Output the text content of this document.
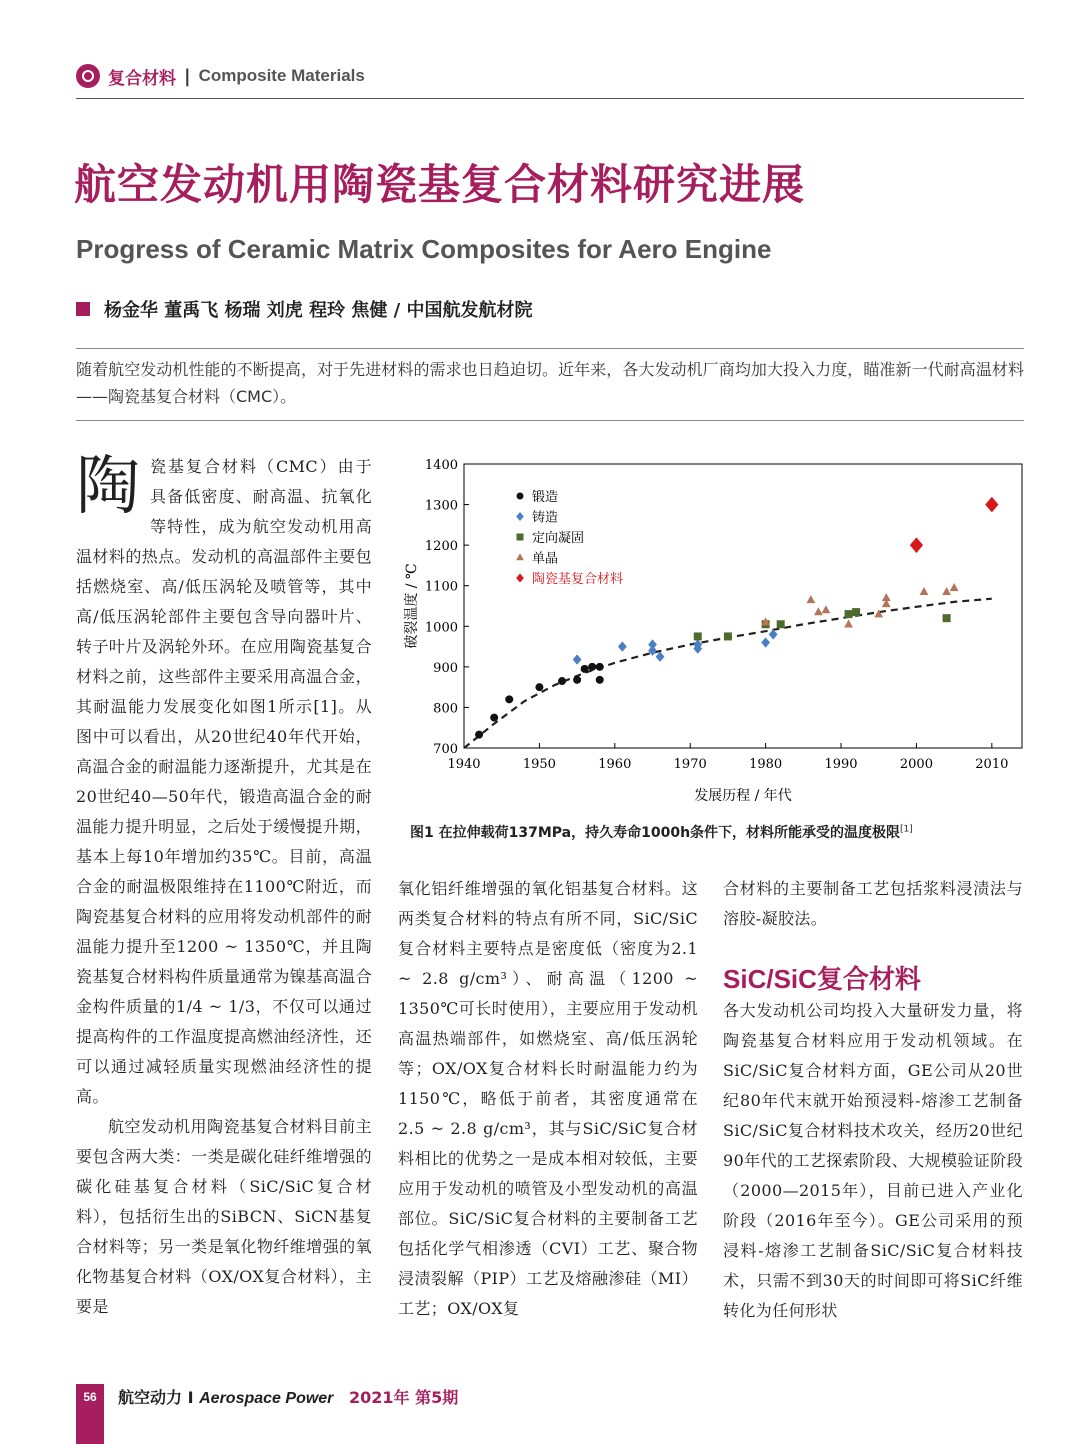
复合材料 | Composite Materials
航空发动机用陶瓷基复合材料研究进展
Progress of Ceramic Matrix Composites for Aero Engine
杨金华 董禹飞 杨瑞 刘虎 程玲 焦健 / 中国航发航材院
随着航空发动机性能的不断提高，对于先进材料的需求也日趋迫切。近年来，各大发动机厂商均加大投入力度，瞄准新一代耐高温材料——陶瓷基复合材料（CMC）。
陶 瓷基复合材料（CMC）由于具备低密度、耐高温、抗氧化等特性，成为航空发动机用高温材料的热点。发动机的高温部件主要包括燃烧室、高/低压涡轮及喷管等，其中高/低压涡轮部件主要包含导向器叶片、转子叶片及涡轮外环。在应用陶瓷基复合材料之前，这些部件主要采用高温合金，其耐温能力发展变化如图1所示[1]。从图中可以看出，从20世纪40年代开始，高温合金的耐温能力逐渐提升，尤其是在20世纪40—50年代，锻造高温合金的耐温能力提升明显，之后处于缓慢提升期，基本上每10年增加约35℃。目前，高温合金的耐温极限维持在1100℃附近，而陶瓷基复合材料的应用将发动机部件的耐温能力提升至1200 ~ 1350℃，并且陶瓷基复合材料构件质量通常为镍基高温合金构件质量的1/4 ~ 1/3，不仅可以通过提高构件的工作温度提高燃油经济性，还可以通过减轻质量实现燃油经济性的提高。

航空发动机用陶瓷基复合材料目前主要包含两大类：一类是碳化硅纤维增强的碳化硅基复合材料（SiC/SiC复合材料），包括衍生出的SiBCN、SiCN基复合材料等；另一类是氧化物纤维增强的氧化物基复合材料（OX/OX复合材料），主要是

1940	1950	1960	1970	1980	1990	2000	2010
700
800
900
1000
1100
1200
1300
1400
发展历程 / 年代
破裂温度 / ℃
锻造
铸造
定向凝固
单晶
陶瓷基复合材料
图1 在拉伸载荷137MPa，持久寿命1000h条件下，材料所能承受的温度极限[1]

氧化铝纤维增强的氧化铝基复合材料。这两类复合材料的特点有所不同，SiC/SiC复合材料主要特点是密度低（密度为2.1 ~ 2.8 g/cm³）、耐高温（1200 ~ 1350℃可长时使用），主要应用于发动机高温热端部件，如燃烧室、高/低压涡轮等；OX/OX复合材料长时耐温能力约为1150℃，略低于前者，其密度通常在2.5 ~ 2.8 g/cm³，其与SiC/SiC复合材料相比的优势之一是成本相对较低，主要应用于发动机的喷管及小型发动机的高温部位。SiC/SiC复合材料的主要制备工艺包括化学气相渗透（CVI）工艺、聚合物浸渍裂解（PIP）工艺及熔融渗硅（MI）工艺；OX/OX复

合材料的主要制备工艺包括浆料浸渍法与溶胶-凝胶法。

SiC/SiC复合材料

各大发动机公司均投入大量研发力量，将陶瓷基复合材料应用于发动机领域。在SiC/SiC复合材料方面，GE公司从20世纪80年代末就开始预浸料-熔渗工艺制备SiC/SiC复合材料技术攻关，经历20世纪90年代的工艺探索阶段、大规模验证阶段（2000—2015年），目前已进入产业化阶段（2016年至今）。GE公司采用的预浸料-熔渗工艺制备SiC/SiC复合材料技术，只需不到30天的时间即可将SiC纤维转化为任何形状

56	航空动力 I Aerospace Power 2021年 第5期
